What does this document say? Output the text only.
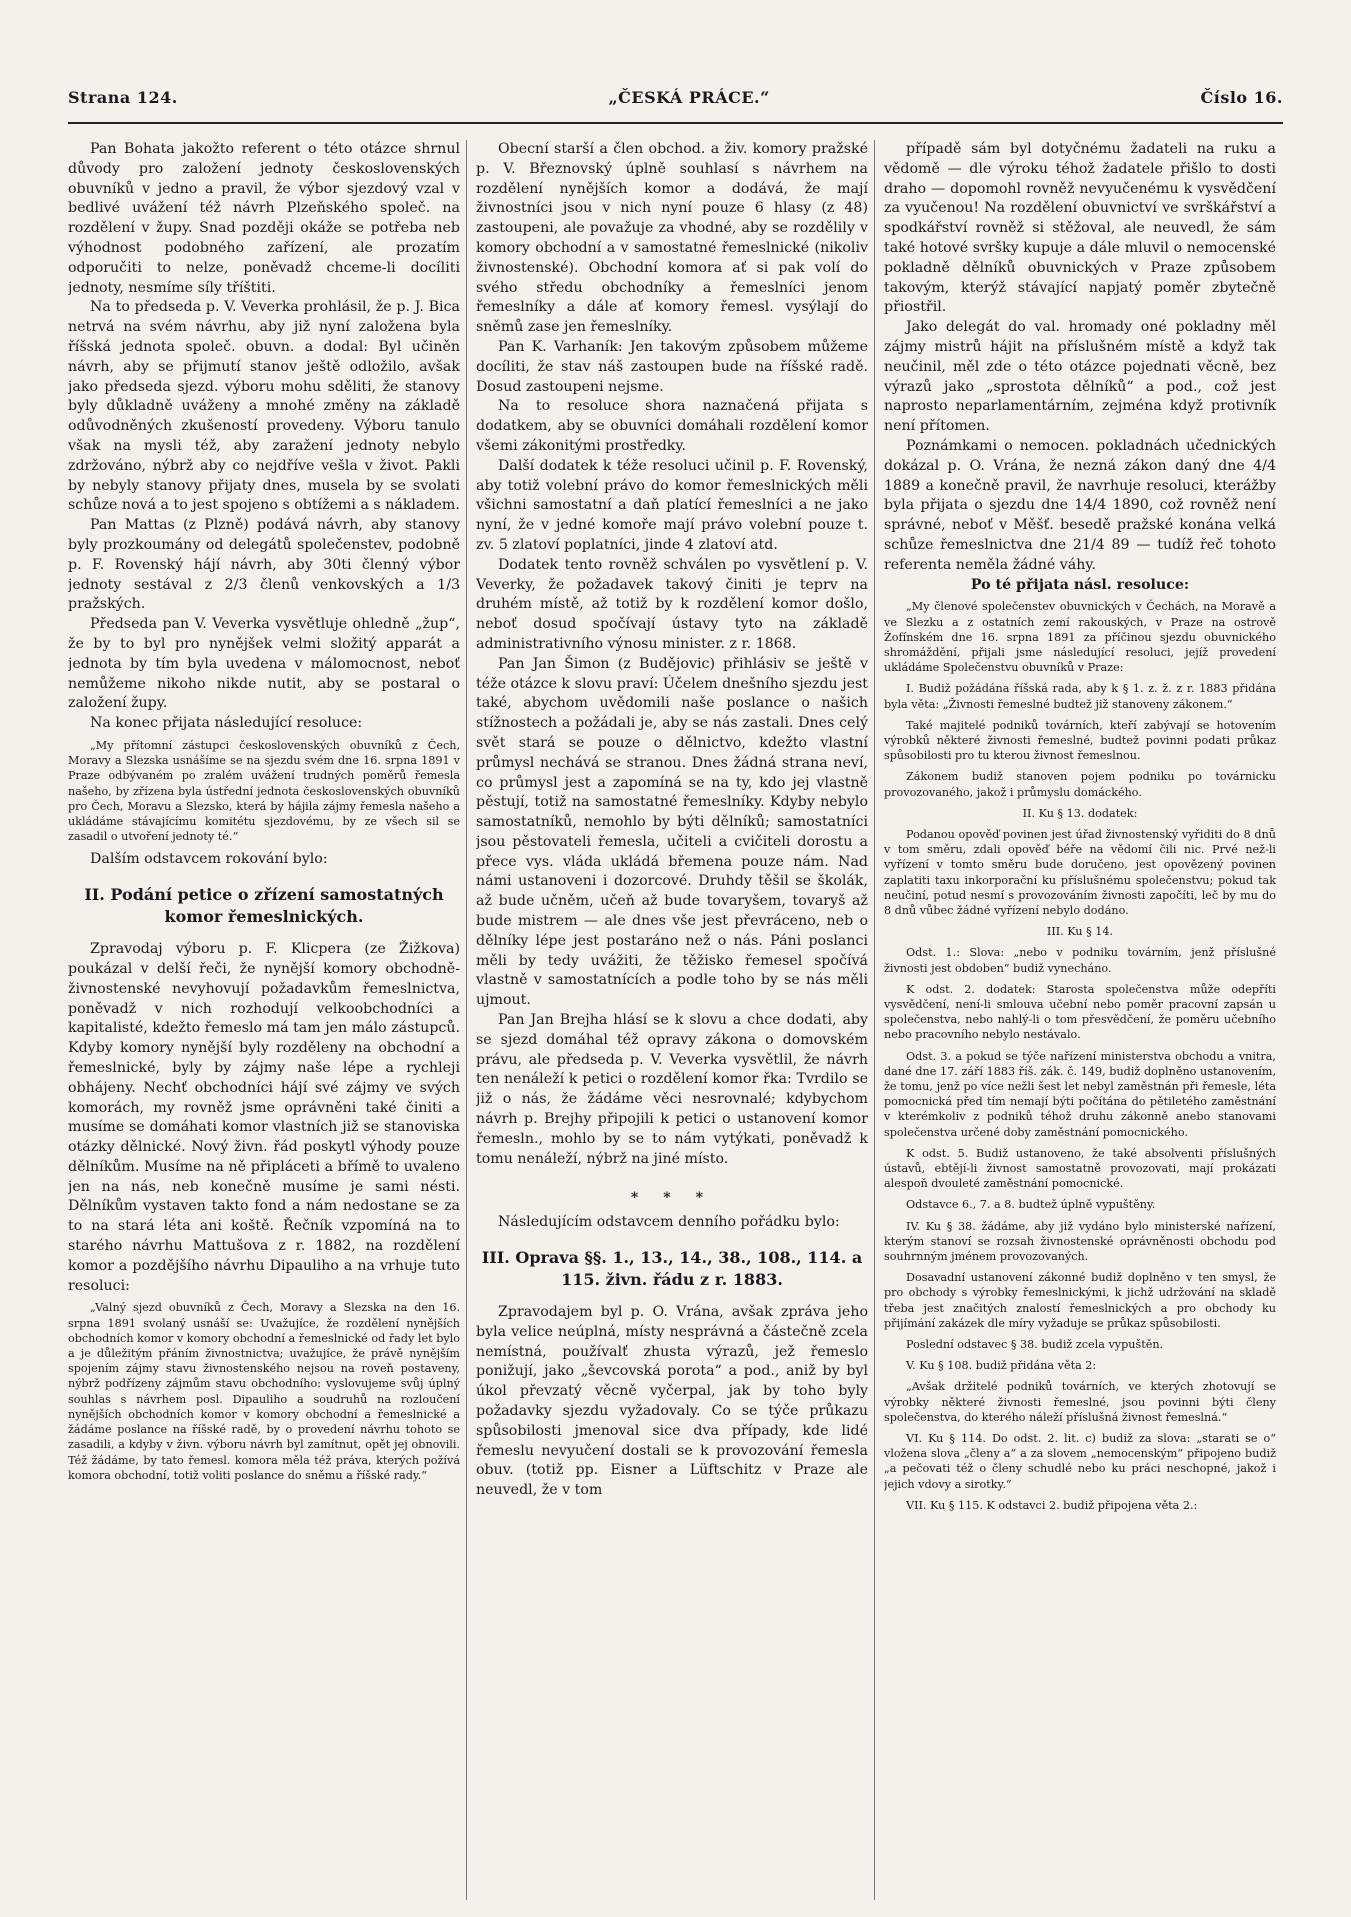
Strana 124.	„ČESKÁ PRÁCE.“	Číslo 16.

Pan Bohata jakožto referent o této otázce shrnul důvody pro založení jednoty československých obuvníků v jedno a pravil, že výbor sjezdový vzal v bedlivé uvážení též návrh Plzeňského společ. na rozdělení v župy. Snad později okáže se potřeba neb výhodnost podobného zařízení, ale prozatím odporučiti to nelze, poněvadž chceme-li docíliti jednoty, nesmíme síly tříštiti.

Na to předseda p. V. Veverka prohlásil, že p. J. Bica netrvá na svém návrhu, aby již nyní založena byla říšská jednota společ. obuvn. a dodal: Byl učiněn návrh, aby se přijmutí stanov ještě odložilo, avšak jako předseda sjezd. výboru mohu sděliti, že stanovy byly důkladně uváženy a mnohé změny na základě odůvodněných zkušeností provedeny. Výboru tanulo však na mysli též, aby zaražení jednoty nebylo zdržováno, nýbrž aby co nejdříve vešla v život. Pakli by nebyly stanovy přijaty dnes, musela by se svolati schůze nová a to jest spojeno s obtížemi a s nákladem.

Pan Mattas (z Plzně) podává návrh, aby stanovy byly prozkoumány od delegátů společenstev, podobně p. F. Rovenský hájí návrh, aby 30ti členný výbor jednoty sestával z 2/3 členů venkovských a 1/3 pražských.

Předseda pan V. Veverka vysvětluje ohledně „žup“, že by to byl pro nynějšek velmi složitý apparát a jednota by tím byla uvedena v málomocnost, neboť nemůžeme nikoho nikde nutit, aby se postaral o založení župy.

Na konec přijata následující resoluce:

„My přítomní zástupci československých obuvníků z Čech, Moravy a Slezska usnášíme se na sjezdu svém dne 16. srpna 1891 v Praze odbývaném po zralém uvážení trudných poměrů řemesla našeho, by zřízena byla ústřední jednota československých obuvníků pro Čech, Moravu a Slezsko, která by hájila zájmy řemesla našeho a ukládáme stávajícímu komitétu sjezdovému, by ze všech sil se zasadil o utvoření jednoty té.“

Dalším odstavcem rokování bylo:

II. Podání petice o zřízení samostatných komor řemeslnických.

Zpravodaj výboru p. F. Klicpera (ze Žižkova) poukázal v delší řeči, že nynější komory obchodně-živnostenské nevyhovují požadavkům řemeslnictva, poněvadž v nich rozhodují velkoobchodníci a kapitalisté, kdežto řemeslo má tam jen málo zástupců. Kdyby komory nynější byly rozděleny na obchodní a řemeslnické, byly by zájmy naše lépe a rychleji obhájeny. Nechť obchodníci hájí své zájmy ve svých komorách, my rovněž jsme oprávněni také činiti a musíme se domáhati komor vlastních již se stanoviska otázky dělnické. Nový živn. řád poskytl výhody pouze dělníkům. Musíme na ně připláceti a břímě to uvaleno jen na nás, neb konečně musíme je sami nésti. Dělníkům vystaven takto fond a nám nedostane se za to na stará léta ani koště. Řečník vzpomíná na to starého návrhu Mattušova z r. 1882, na rozdělení komor a pozdějšího návrhu Dipauliho a na vrhuje tuto resoluci:

„Valný sjezd obuvníků z Čech, Moravy a Slezska na den 16. srpna 1891 svolaný usnáší se: Uvažujíce, že rozdělení nynějších obchodních komor v komory obchodní a řemeslnické od řady let bylo a je důležitým přáním živnostnictva; uvažujíce, že právě nynějším spojením zájmy stavu živnostenského nejsou na roveň postaveny, nýbrž podřízeny zájmům stavu obchodního: vyslovujeme svůj úplný souhlas s návrhem posl. Dipauliho a soudruhů na rozloučení nynějších obchodních komor v komory obchodní a řemeslnické a žádáme poslance na říšské radě, by o provedení návrhu tohoto se zasadili, a kdyby v živn. výboru návrh byl zamítnut, opět jej obnovili. Též žádáme, by tato řemesl. komora měla též práva, kterých požívá komora obchodní, totiž voliti poslance do sněmu a říšské rady.“

Obecní starší a člen obchod. a živ. komory pražské p. V. Březnovský úplně souhlasí s návrhem na rozdělení nynějších komor a dodává, že mají živnostníci jsou v nich nyní pouze 6 hlasy (z 48) zastoupeni, ale považuje za vhodné, aby se rozdělily v komory obchodní a v samostatné řemeslnické (nikoliv živnostenské). Obchodní komora ať si pak volí do svého středu obchodníky a řemeslníci jenom řemeslníky a dále ať komory řemesl. vysýlají do sněmů zase jen řemeslníky.

Pan K. Varhaník: Jen takovým způsobem můžeme docíliti, že stav náš zastoupen bude na říšské radě. Dosud zastoupeni nejsme.

Na to resoluce shora naznačená přijata s dodatkem, aby se obuvníci domáhali rozdělení komor všemi zákonitými prostředky.

Další dodatek k téže resoluci učinil p. F. Rovenský, aby totiž volební právo do komor řemeslnických měli všichni samostatní a daň platící řemeslníci a ne jako nyní, že v jedné komoře mají právo volební pouze t. zv. 5 zlatoví poplatníci, jinde 4 zlatoví atd.

Dodatek tento rovněž schválen po vysvětlení p. V. Veverky, že požadavek takový činiti je teprv na druhém místě, až totiž by k rozdělení komor došlo, neboť dosud spočívají ústavy tyto na základě administrativního výnosu minister. z r. 1868.

Pan Jan Šimon (z Budějovic) přihlásiv se ještě v téže otázce k slovu praví: Účelem dnešního sjezdu jest také, abychom uvědomili naše poslance o našich stížnostech a požádali je, aby se nás zastali. Dnes celý svět stará se pouze o dělnictvo, kdežto vlastní průmysl nechává se stranou. Dnes žádná strana neví, co průmysl jest a zapomíná se na ty, kdo jej vlastně pěstují, totiž na samostatné řemeslníky. Kdyby nebylo samostatníků, nemohlo by býti dělníků; samostatníci jsou pěstovateli řemesla, učiteli a cvičiteli dorostu a přece vys. vláda ukládá břemena pouze nám. Nad námi ustanoveni i dozorcové. Druhdy těšil se školák, až bude učněm, učeň až bude tovaryšem, tovaryš až bude mistrem — ale dnes vše jest převráceno, neb o dělníky lépe jest postaráno než o nás. Páni poslanci měli by tedy uvážiti, že těžisko řemesel spočívá vlastně v samostatnících a podle toho by se nás měli ujmout.

Pan Jan Brejha hlásí se k slovu a chce dodati, aby se sjezd domáhal též opravy zákona o domovském právu, ale předseda p. V. Veverka vysvětlil, že návrh ten nenáleží k petici o rozdělení komor řka: Tvrdilo se již o nás, že žádáme věci nesrovnalé; kdybychom návrh p. Brejhy připojili k petici o ustanovení komor řemesln., mohlo by se to nám vytýkati, poněvadž k tomu nenáleží, nýbrž na jiné místo.

* * *

Následujícím odstavcem denního pořádku bylo:

III. Oprava §§. 1., 13., 14., 38., 108., 114. a 115. živn. řádu z r. 1883.

Zpravodajem byl p. O. Vrána, avšak zpráva jeho byla velice neúplná, místy nesprávná a částečně zcela nemístná, používalť zhusta výrazů, jež řemeslo ponižují, jako „ševcovská porota“ a pod., aniž by byl úkol převzatý věcně vyčerpal, jak by toho byly požadavky sjezdu vyžadovaly. Co se týče průkazu spůsobilosti jmenoval sice dva případy, kde lidé řemeslu nevyučení dostali se k provozování řemesla obuv. (totiž pp. Eisner a Lüftschitz v Praze ale neuvedl, že v tom

případě sám byl dotyčnému žadateli na ruku a vědomě — dle výroku téhož žadatele přišlo to dosti draho — dopomohl rovněž nevyučenému k vysvědčení za vyučenou! Na rozdělení obuvnictví ve svrškářství a spodkářství rovněž si stěžoval, ale neuvedl, že sám také hotové svršky kupuje a dále mluvil o nemocenské pokladně dělníků obuvnických v Praze způsobem takovým, kterýž stávající napjatý poměr zbytečně přiostřil.

Jako delegát do val. hromady oné pokladny měl zájmy mistrů hájit na příslušném místě a když tak neučinil, měl zde o této otázce pojednati věcně, bez výrazů jako „sprostota dělníků“ a pod., což jest naprosto neparlamentárním, zejména když protivník není přítomen.

Poznámkami o nemocen. pokladnách učednických dokázal p. O. Vrána, že nezná zákon daný dne 4/4 1889 a konečně pravil, že navrhuje resoluci, kterážby byla přijata o sjezdu dne 14/4 1890, což rovněž není správné, neboť v Měšť. besedě pražské konána velká schůze řemeslnictva dne 21/4 89 — tudíž řeč tohoto referenta neměla žádné váhy.

Po té přijata násl. resoluce:

„My členové společenstev obuvnických v Čechách, na Moravě a ve Slezku a z ostatních zemí rakouských, v Praze na ostrově Žofínském dne 16. srpna 1891 za příčinou sjezdu obuvnického shromáždění, přijali jsme následující resoluci, jejíž provedení ukládáme Společenstvu obuvníků v Praze:

I. Budiž požádána říšská rada, aby k § 1. z. ž. z r. 1883 přidána byla věta: „Živnosti řemeslné budtež již stanoveny zákonem.“

Také majitelé podniků továrních, kteří zabývají se hotovením výrobků některé živnosti řemeslné, budtež povinni podati průkaz spůsobilosti pro tu kterou živnost řemeslnou.

Zákonem budiž stanoven pojem podniku po továrnicku provozovaného, jakož i průmyslu domáckého.

II. Ku § 13. dodatek:

Podanou opověď povinen jest úřad živnostenský vyřiditi do 8 dnů v tom směru, zdali opověď béře na vědomí čili nic. Prvé než-li vyřízení v tomto směru bude doručeno, jest opovězený povinen zaplatiti taxu inkorporační ku příslušnému společenstvu; pokud tak neučiní, potud nesmí s provozováním živnosti započíti, leč by mu do 8 dnů vůbec žádné vyřízení nebylo dodáno.

III. Ku § 14.

Odst. 1.: Slova: „nebo v podniku továrním, jenž příslušné živnosti jest obdoben“ budiž vynecháno.

K odst. 2. dodatek: Starosta společenstva může odepříti vysvědčení, není-li smlouva učební nebo poměr pracovní zapsán u společenstva, nebo nahlý-li o tom přesvědčení, že poměru učebního nebo pracovního nebylo nestávalo.

Odst. 3. a pokud se týče nařízení ministerstva obchodu a vnitra, dané dne 17. září 1883 říš. zák. č. 149, budiž doplněno ustanovením, že tomu, jenž po více nežli šest let nebyl zaměstnán při řemesle, léta pomocnická před tím nemají býti počítána do pětiletého zaměstnání v kterémkoliv z podniků téhož druhu zákonně anebo stanovami společenstva určené doby zaměstnání pomocnického.

K odst. 5. Budiž ustanoveno, že také absolventi příslušných ústavů, ebtějí-li živnost samostatně provozovati, mají prokázati alespoň dvouleté zaměstnání pomocnické.

Odstavce 6., 7. a 8. budtež úplně vypuštěny.

IV. Ku § 38. žádáme, aby již vydáno bylo ministerské nařízení, kterým stanoví se rozsah živnostenské oprávněnosti obchodu pod souhrnným jménem provozovaných.

Dosavadní ustanovení zákonné budiž doplněno v ten smysl, že pro obchody s výrobky řemeslnickými, k jichž udržování na skladě třeba jest značitých znalostí řemeslnických a pro obchody ku přijímání zakázek dle míry vyžaduje se průkaz spůsobilosti.

Poslední odstavec § 38. budiž zcela vypuštěn.

V. Ku § 108. budiž přidána věta 2:

„Avšak držitelé podniků továrních, ve kterých zhotovují se výrobky některé živnosti řemeslné, jsou povinni býti členy společenstva, do kterého náleží příslušná živnost řemeslná.“

VI. Ku § 114. Do odst. 2. lit. c) budiž za slova: „starati se o“ vložena slova „členy a“ a za slovem „nemocenským“ připojeno budiž „a pečovati též o členy schudlé nebo ku práci neschopné, jakož i jejich vdovy a sirotky.“

VII. Ku § 115. K odstavci 2. budiž připojena věta 2.:
